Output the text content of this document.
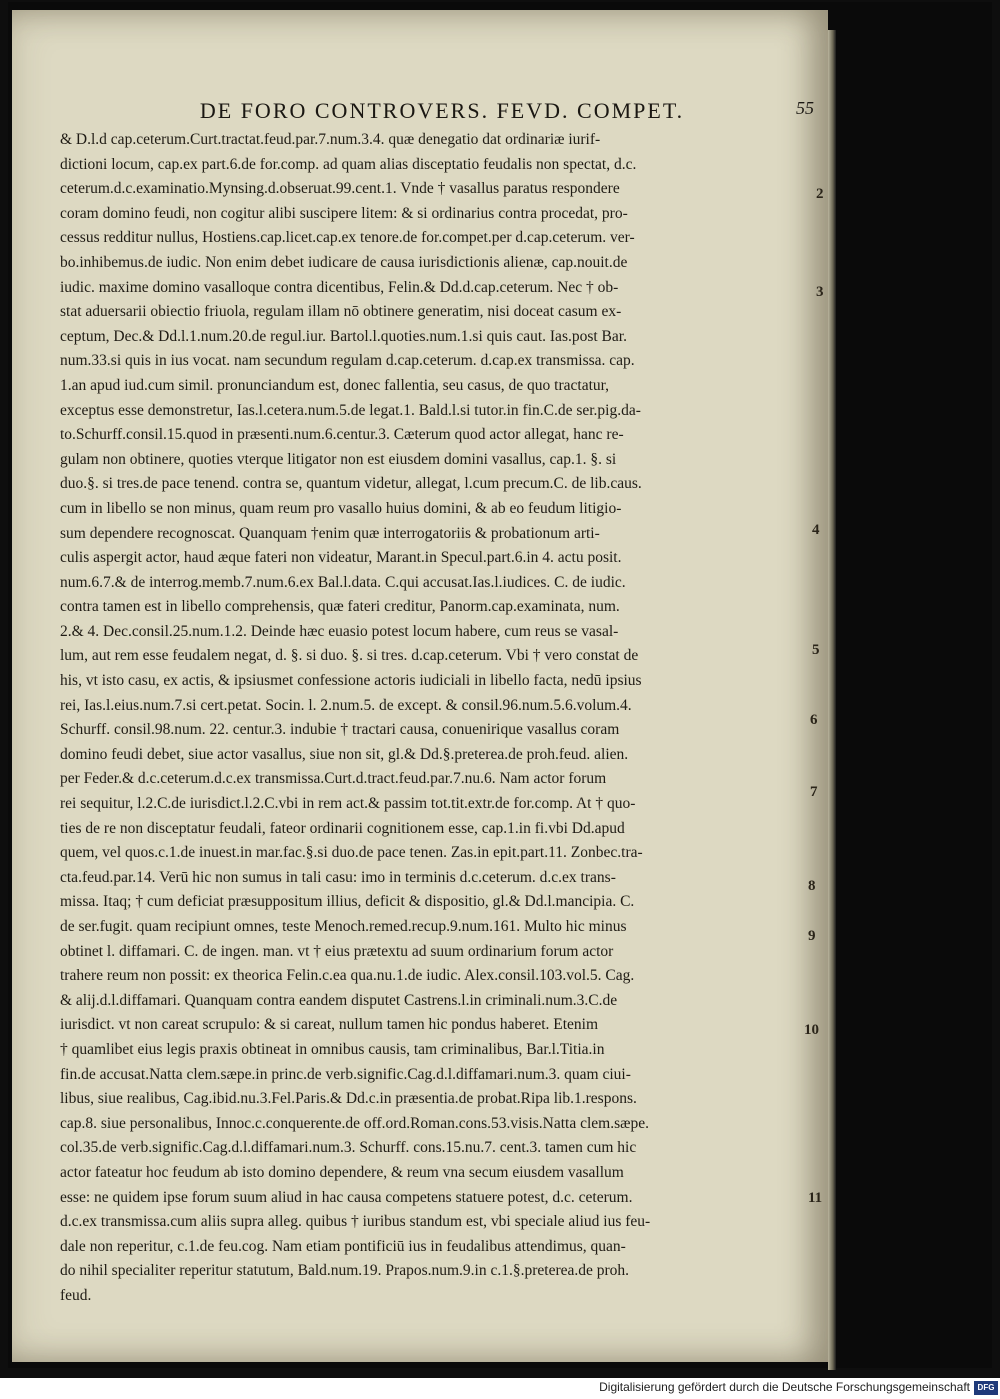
DE FORO CONTROVERS. FEVD. COMPET.	55
& D.l.d cap.ceterum.Curt.tractat.feud.par.7.num.3.4. quæ denegatio dat ordinariæ iurif-
dictioni locum, cap.ex part.6.de for.comp. ad quam alias disceptatio feudalis non spectat, d.c.
ceterum.d.c.examinatio.Mynsing.d.obseruat.99.cent.1. Vnde † vasallus paratus respondere
coram domino feudi, non cogitur alibi suscipere litem: & si ordinarius contra procedat, pro-
cessus redditur nullus, Hostiens.cap.licet.cap.ex tenore.de for.compet.per d.cap.ceterum. ver-
bo.inhibemus.de iudic. Non enim debet iudicare de causa iurisdictionis alienæ, cap.nouit.de
iudic. maxime domino vasalloque contra dicentibus, Felin.& Dd.d.cap.ceterum. Nec † ob-
stat aduersarii obiectio friuola, regulam illam nō obtinere generatim, nisi doceat casum ex-
ceptum, Dec.& Dd.l.1.num.20.de regul.iur. Bartol.l.quoties.num.1.si quis caut. Ias.post Bar.
num.33.si quis in ius vocat. nam secundum regulam d.cap.ceterum. d.cap.ex transmissa. cap.
1.an apud iud.cum simil. pronunciandum est, donec fallentia, seu casus, de quo tractatur,
exceptus esse demonstretur, Ias.l.cetera.num.5.de legat.1. Bald.l.si tutor.in fin.C.de ser.pig.da-
to.Schurff.consil.15.quod in præsenti.num.6.centur.3. Cæterum quod actor allegat, hanc re-
gulam non obtinere, quoties vterque litigator non est eiusdem domini vasallus, cap.1. §. si
duo.§. si tres.de pace tenend. contra se, quantum videtur, allegat, l.cum precum.C. de lib.caus.
cum in libello se non minus, quam reum pro vasallo huius domini, & ab eo feudum litigio-
sum dependere recognoscat. Quanquam †enim quæ interrogatoriis & probationum arti-
culis aspergit actor, haud æque fateri non videatur, Marant.in Specul.part.6.in 4. actu posit.
num.6.7.& de interrog.memb.7.num.6.ex Bal.l.data. C.qui accusat.Ias.l.iudices. C. de iudic.
contra tamen est in libello comprehensis, quæ fateri creditur, Panorm.cap.examinata, num.
2.& 4. Dec.consil.25.num.1.2. Deinde hæc euasio potest locum habere, cum reus se vasal-
lum, aut rem esse feudalem negat, d. §. si duo. §. si tres. d.cap.ceterum. Vbi † vero constat de
his, vt isto casu, ex actis, & ipsiusmet confessione actoris iudiciali in libello facta, nedū ipsius
rei, Ias.l.eius.num.7.si cert.petat. Socin. l. 2.num.5. de except. & consil.96.num.5.6.volum.4.
Schurff. consil.98.num. 22. centur.3. indubie † tractari causa, conuenirique vasallus coram
domino feudi debet, siue actor vasallus, siue non sit, gl.& Dd.§.preterea.de proh.feud. alien.
per Feder.& d.c.ceterum.d.c.ex transmissa.Curt.d.tract.feud.par.7.nu.6. Nam actor forum
rei sequitur, l.2.C.de iurisdict.l.2.C.vbi in rem act.& passim tot.tit.extr.de for.comp. At † quo-
ties de re non disceptatur feudali, fateor ordinarii cognitionem esse, cap.1.in fi.vbi Dd.apud
quem, vel quos.c.1.de inuest.in mar.fac.§.si duo.de pace tenen. Zas.in epit.part.11. Zonbec.tra-
cta.feud.par.14. Verū hic non sumus in tali casu: imo in terminis d.c.ceterum. d.c.ex trans-
missa. Itaq; † cum deficiat præsuppositum illius, deficit & dispositio, gl.& Dd.l.mancipia. C.
de ser.fugit. quam recipiunt omnes, teste Menoch.remed.recup.9.num.161. Multo hic minus
obtinet l. diffamari. C. de ingen. man. vt † eius prætextu ad suum ordinarium forum actor
trahere reum non possit: ex theorica Felin.c.ea qua.nu.1.de iudic. Alex.consil.103.vol.5. Cag.
& alij.d.l.diffamari. Quanquam contra eandem disputet Castrens.l.in criminali.num.3.C.de
iurisdict. vt non careat scrupulo: & si careat, nullum tamen hic pondus haberet. Etenim
† quamlibet eius legis praxis obtineat in omnibus causis, tam criminalibus, Bar.l.Titia.in
fin.de accusat.Natta clem.sæpe.in princ.de verb.signific.Cag.d.l.diffamari.num.3. quam ciui-
libus, siue realibus, Cag.ibid.nu.3.Fel.Paris.& Dd.c.in præsentia.de probat.Ripa lib.1.respons.
cap.8. siue personalibus, Innoc.c.conquerente.de off.ord.Roman.cons.53.visis.Natta clem.sæpe.
col.35.de verb.signific.Cag.d.l.diffamari.num.3. Schurff. cons.15.nu.7. cent.3. tamen cum hic
actor fateatur hoc feudum ab isto domino dependere, & reum vna secum eiusdem vasallum
esse: ne quidem ipse forum suum aliud in hac causa competens statuere potest, d.c. ceterum.
d.c.ex transmissa.cum aliis supra alleg. quibus † iuribus standum est, vbi speciale aliud ius feu-
dale non reperitur, c.1.de feu.cog. Nam etiam pontificiū ius in feudalibus attendimus, quan-
do nihil specialiter reperitur statutum, Bald.num.19. Prapos.num.9.in c.1.§.preterea.de proh.
feud.
2
3
4
5
6
7
8
9
10
11
Digitalisierung gefördert durch die Deutsche Forschungsgemeinschaft DFG
